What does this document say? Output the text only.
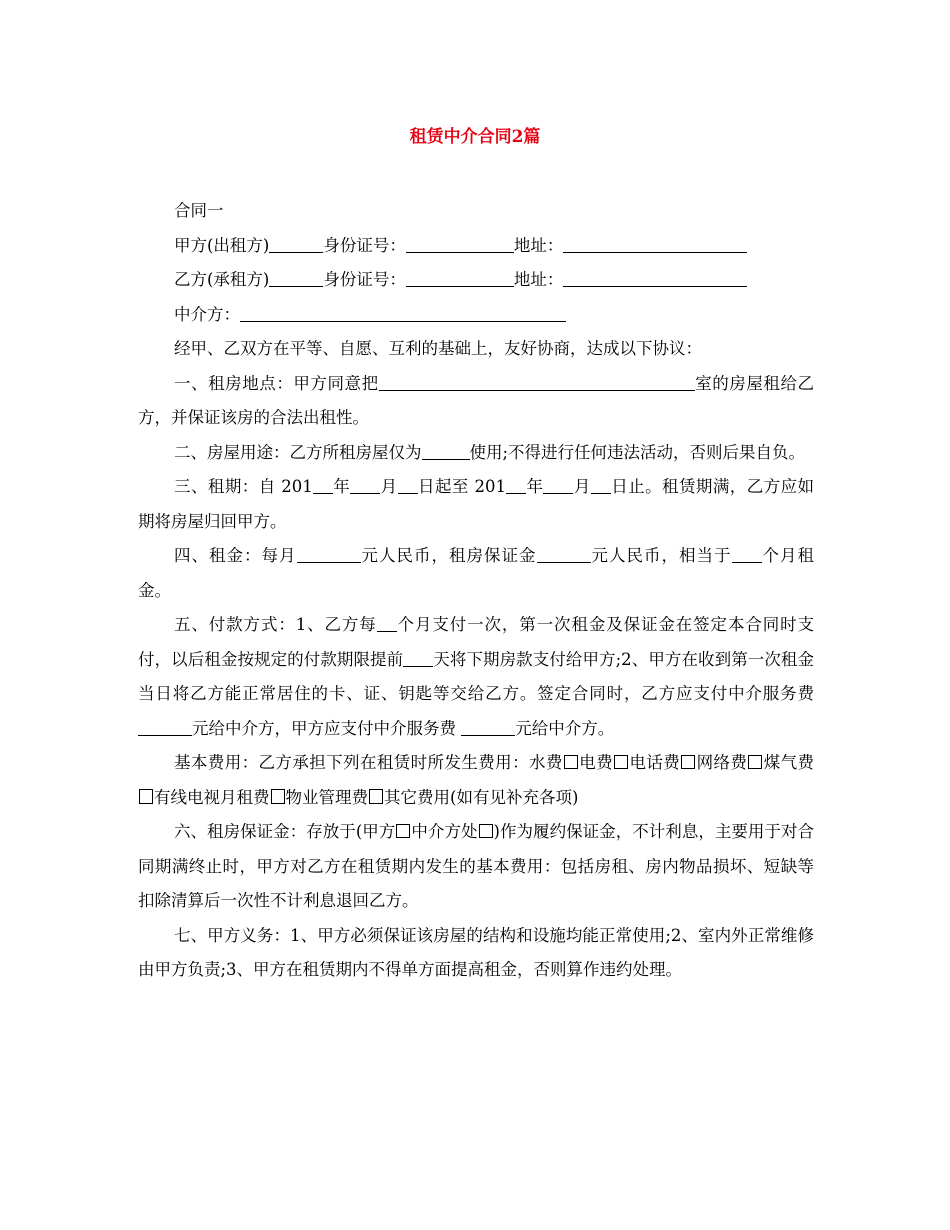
租赁中介合同2篇

合同一

甲方(出租方)	身份证号：	地址：

乙方(承租方)	身份证号：	地址：

中介方：

经甲、乙双方在平等、自愿、互利的基础上，友好协商，达成以下协议：

一、租房地点：甲方同意把	室的房屋租给乙方，并保证该房的合法出租性。

二、房屋用途：乙方所租房屋仅为	使用;不得进行任何违法活动，否则后果自负。

三、租期：自 201 年 月 日起至 201 年 月 日止。租赁期满，乙方应如期将房屋归回甲方。

四、租金：每月	元人民币，租房保证金	元人民币，相当于 个月租金。

五、付款方式：1、乙方每 个月支付一次，第一次租金及保证金在签定本合同时支付，以后租金按规定的付款期限提前 天将下期房款支付给甲方;2、甲方在收到第一次租金当日将乙方能正常居住的卡、证、钥匙等交给乙方。签定合同时，乙方应支付中介服务费元给中介方，甲方应支付中介服务费	元给中介方。

基本费用：乙方承担下列在租赁时所发生费用：水费 电费 电话费 网络费 煤气费有线电视月租费 物业管理费 其它费用(如有见补充各项)

六、租房保证金：存放于(甲方 中介方处 )作为履约保证金，不计利息，主要用于对合同期满终止时，甲方对乙方在租赁期内发生的基本费用：包括房租、房内物品损坏、短缺等扣除清算后一次性不计利息退回乙方。

七、甲方义务：1、甲方必须保证该房屋的结构和设施均能正常使用;2、室内外正常维修由甲方负责;3、甲方在租赁期内不得单方面提高租金，否则算作违约处理。
